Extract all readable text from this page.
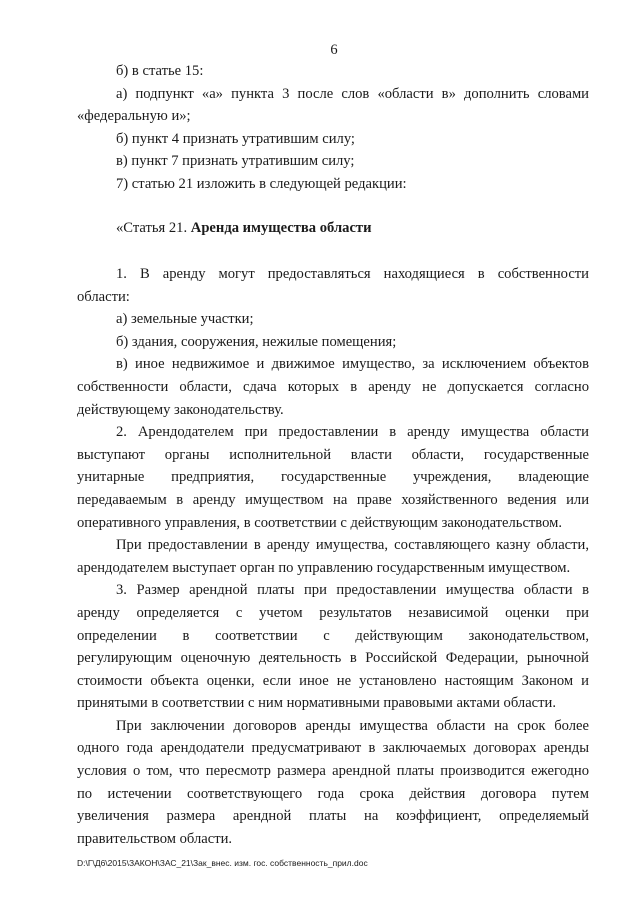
6
б) в статье 15:
а) подпункт «а» пункта 3 после слов «области в» дополнить словами
«федеральную и»;
б) пункт 4 признать утратившим силу;
в) пункт 7 признать утратившим силу;
7) статью 21 изложить в следующей редакции:
«Статья 21. Аренда имущества области
1. В аренду могут предоставляться находящиеся в собственности
области:
а) земельные участки;
б) здания, сооружения, нежилые помещения;
в) иное недвижимое и движимое имущество, за исключением объектов
собственности области, сдача которых в аренду не допускается согласно
действующему законодательству.
2. Арендодателем при предоставлении в аренду имущества области
выступают органы исполнительной власти области, государственные
унитарные предприятия, государственные учреждения, владеющие
передаваемым в аренду имуществом на праве хозяйственного ведения или
оперативного управления, в соответствии с действующим законодательством.
При предоставлении в аренду имущества, составляющего казну области,
арендодателем выступает орган по управлению государственным имуществом.
3. Размер арендной платы при предоставлении имущества области в
аренду определяется с учетом результатов независимой оценки при
определении в соответствии с действующим законодательством,
регулирующим оценочную деятельность в Российской Федерации, рыночной
стоимости объекта оценки, если иное не установлено настоящим Законом и
принятыми в соответствии с ним нормативными правовыми актами области.
При заключении договоров аренды имущества области на срок более
одного года арендодатели предусматривают в заключаемых договорах аренды
условия о том, что пересмотр размера арендной платы производится ежегодно
по истечении соответствующего года срока действия договора путем
увеличения размера арендной платы на коэффициент, определяемый
правительством области.
D:\Г\Д6\2015\ЗАКОН\ЗАС_21\Зак_внес. изм. гос. собственность_прил.doc
